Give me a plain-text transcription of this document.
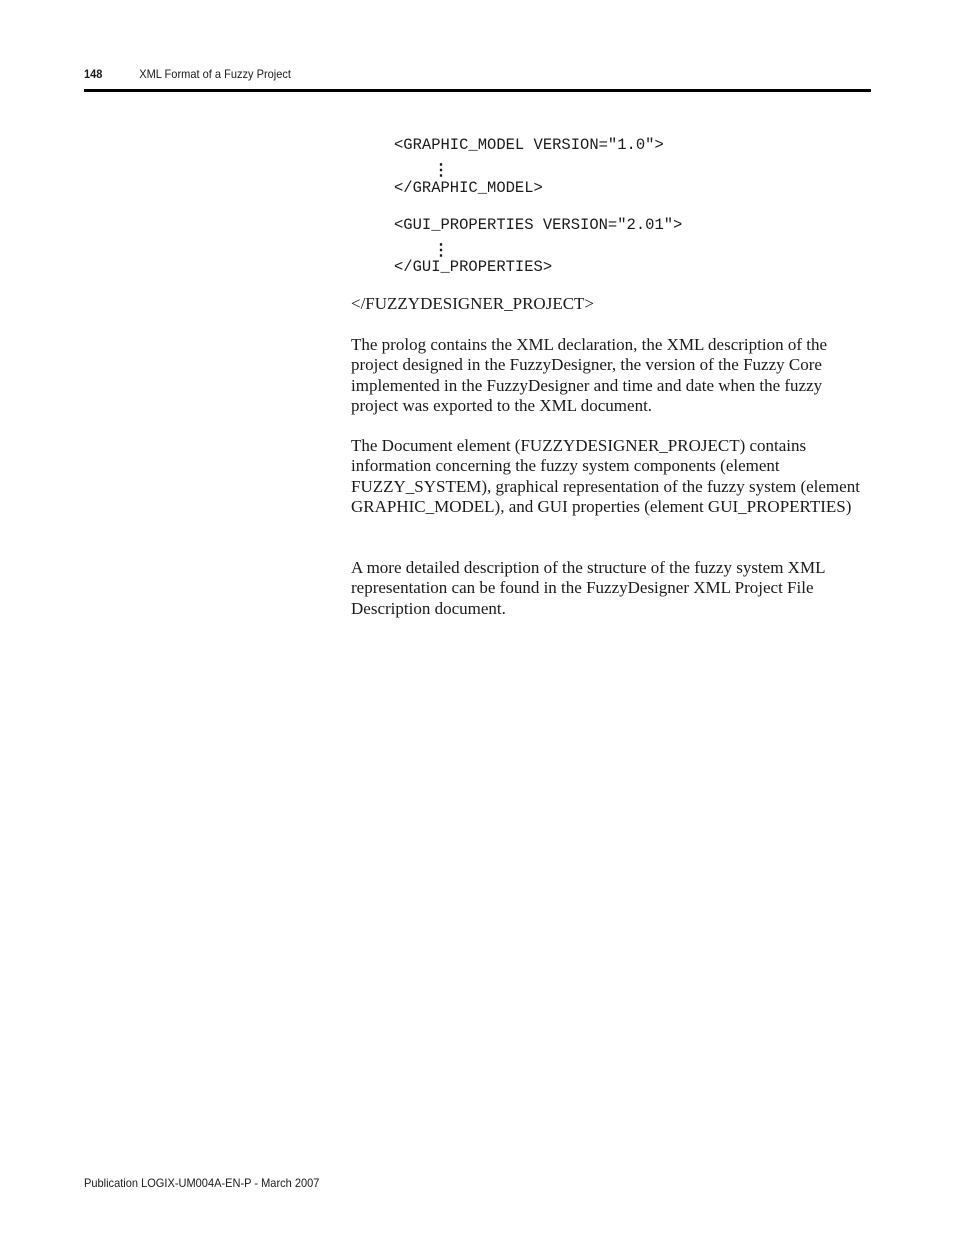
148	XML Format of a Fuzzy Project
<GRAPHIC_MODEL VERSION="1.0">
⋮
</GRAPHIC_MODEL>
<GUI_PROPERTIES VERSION="2.01">
⋮
</GUI_PROPERTIES>
</FUZZYDESIGNER_PROJECT>

The prolog contains the XML declaration, the XML description of the project designed in the FuzzyDesigner, the version of the Fuzzy Core implemented in the FuzzyDesigner and time and date when the fuzzy project was exported to the XML document.

The Document element (FUZZYDESIGNER_PROJECT) contains information concerning the fuzzy system components (element FUZZY_SYSTEM), graphical representation of the fuzzy system (element GRAPHIC_MODEL), and GUI properties (element GUI_PROPERTIES)

A more detailed description of the structure of the fuzzy system XML representation can be found in the FuzzyDesigner XML Project File Description document.

Publication LOGIX-UM004A-EN-P - March 2007
